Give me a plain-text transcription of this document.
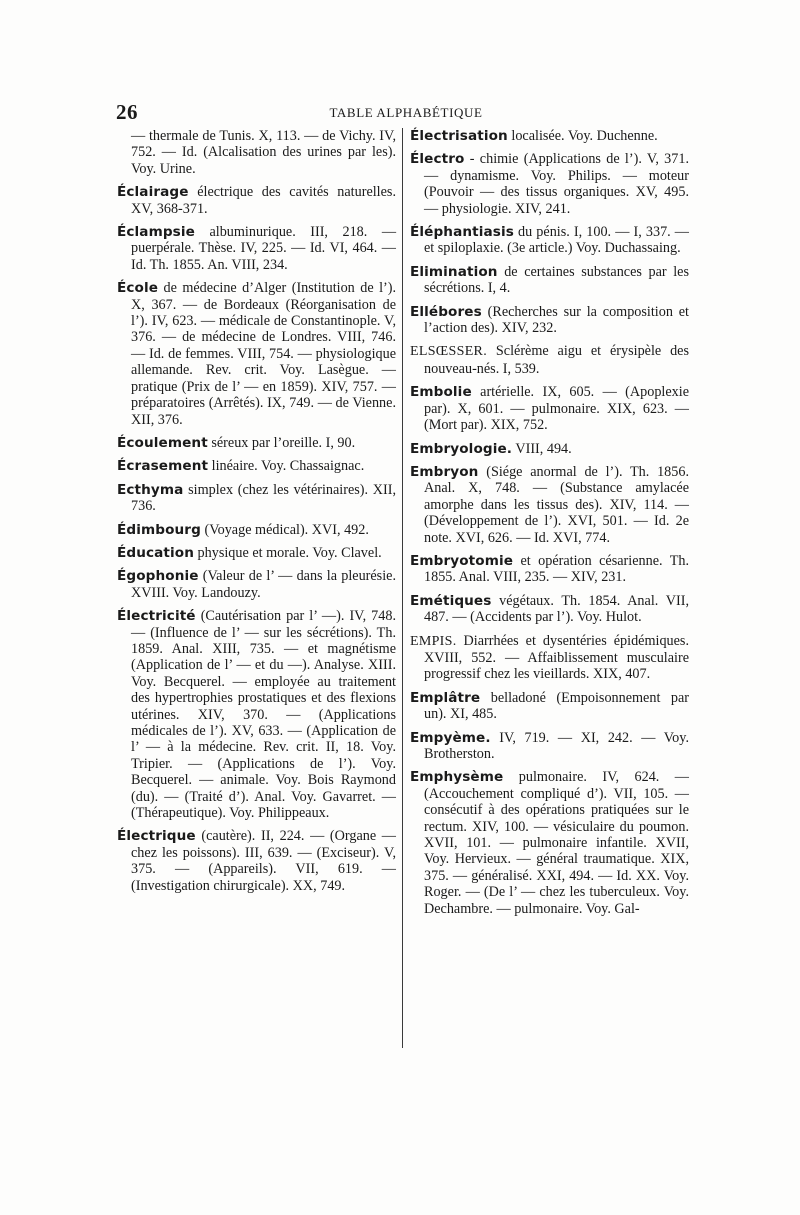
26	TABLE ALPHABÉTIQUE
— thermale de Tunis. X, 113. — de Vichy. IV, 752. — Id. (Alcalisation des urines par les). Voy. Urine.
Éclairage électrique des cavités naturelles. XV, 368-371.
Éclampsie albuminurique. III, 218. — puerpérale. Thèse. IV, 225. — Id. VI, 464. — Id. Th. 1855. An. VIII, 234.
École de médecine d’Alger (Institution de l’). X, 367. — de Bordeaux (Réorganisation de l’). IV, 623. — médicale de Constantinople. V, 376. — de médecine de Londres. VIII, 746. — Id. de femmes. VIII, 754. — physiologique allemande. Rev. crit. Voy. Lasègue. — pratique (Prix de l’ — en 1859). XIV, 757. — préparatoires (Arrêtés). IX, 749. — de Vienne. XII, 376.
Écoulement séreux par l’oreille. I, 90.
Écrasement linéaire. Voy. Chassaignac.
Ecthyma simplex (chez les vétérinaires). XII, 736.
Édimbourg (Voyage médical). XVI, 492.
Éducation physique et morale. Voy. Clavel.
Égophonie (Valeur de l’ — dans la pleurésie. XVIII. Voy. Landouzy.
Électricité (Cautérisation par l’ —). IV, 748. — (Influence de l’ — sur les sécrétions). Th. 1859. Anal. XIII, 735. — et magnétisme (Application de l’ — et du —). Analyse. XIII. Voy. Becquerel. — employée au traitement des hypertrophies prostatiques et des flexions utérines. XIV, 370. — (Applications médicales de l’). XV, 633. — (Application de l’ — à la médecine. Rev. crit. II, 18. Voy. Tripier. — (Applications de l’). Voy. Becquerel. — animale. Voy. Bois Raymond (du). — (Traité d’). Anal. Voy. Gavarret. — (Thérapeutique). Voy. Philippeaux.
Électrique (cautère). II, 224. — (Organe — chez les poissons). III, 639. — (Exciseur). V, 375. — (Appareils). VII, 619. — (Investigation chirurgicale). XX, 749.
Électrisation localisée. Voy. Duchenne.
Électro - chimie (Applications de l’). V, 371. — dynamisme. Voy. Philips. — moteur (Pouvoir — des tissus organiques. XV, 495. — physiologie. XIV, 241.
Éléphantiasis du pénis. I, 100. — I, 337. — et spiloplaxie. (3e article.) Voy. Duchassaing.
Elimination de certaines substances par les sécrétions. I, 4.
Ellébores (Recherches sur la composition et l’action des). XIV, 232.
ELSŒSSER. Sclérème aigu et érysipèle des nouveau-nés. I, 539.
Embolie artérielle. IX, 605. — (Apoplexie par). X, 601. — pulmonaire. XIX, 623. — (Mort par). XIX, 752.
Embryologie. VIII, 494.
Embryon (Siége anormal de l’). Th. 1856. Anal. X, 748. — (Substance amylacée amorphe dans les tissus des). XIV, 114. — (Développement de l’). XVI, 501. — Id. 2e note. XVI, 626. — Id. XVI, 774.
Embryotomie et opération césarienne. Th. 1855. Anal. VIII, 235. — XIV, 231.
Emétiques végétaux. Th. 1854. Anal. VII, 487. — (Accidents par l’). Voy. Hulot.
EMPIS. Diarrhées et dysentéries épidémiques. XVIII, 552. — Affaiblissement musculaire progressif chez les vieillards. XIX, 407.
Emplâtre belladoné (Empoisonnement par un). XI, 485.
Empyème. IV, 719. — XI, 242. — Voy. Brotherston.
Emphysème pulmonaire. IV, 624. — (Accouchement compliqué d’). VII, 105. — consécutif à des opérations pratiquées sur le rectum. XIV, 100. — vésiculaire du poumon. XVII, 101. — pulmonaire infantile. XVII, Voy. Hervieux. — général traumatique. XIX, 375. — généralisé. XXI, 494. — Id. XX. Voy. Roger. — (De l’ — chez les tuberculeux. Voy. Dechambre. — pulmonaire. Voy. Gal-
